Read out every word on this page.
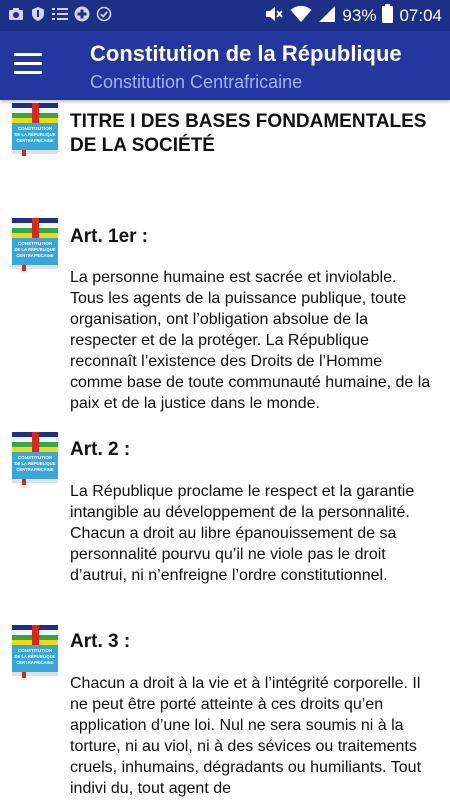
93% 07:04
Constitution de la République
Constitution Centrafricaine
CONSTITUTION
DE LA RÉPUBLIQUE
CENTRAFRICAINE
TITRE I DES BASES FONDAMENTALES DE LA SOCIÉTÉ
CONSTITUTION
DE LA RÉPUBLIQUE
CENTRAFRICAINE
Art. 1er :
La personne humaine est sacrée et inviolable. Tous les agents de la puissance publique, toute organisation, ont l’obligation absolue de la respecter et de la protéger. La République reconnaît l’existence des Droits de l’Homme comme base de toute communauté humaine, de la paix et de la justice dans le monde.
CONSTITUTION
DE LA RÉPUBLIQUE
CENTRAFRICAINE
Art. 2 :
La République proclame le respect et la garantie intangible au développement de la personnalité. Chacun a droit au libre épanouissement de sa personnalité pourvu qu’il ne viole pas le droit d’autrui, ni n’enfreigne l’ordre constitutionnel.
CONSTITUTION
DE LA RÉPUBLIQUE
CENTRAFRICAINE
Art. 3 :
Chacun a droit à la vie et à l’intégrité corporelle. Il ne peut être porté atteinte à ces droits qu’en application d’une loi. Nul ne sera soumis ni à la torture, ni au viol, ni à des sévices ou traitements cruels, inhumains, dégradants ou humiliants. Tout indivi du, tout agent de
